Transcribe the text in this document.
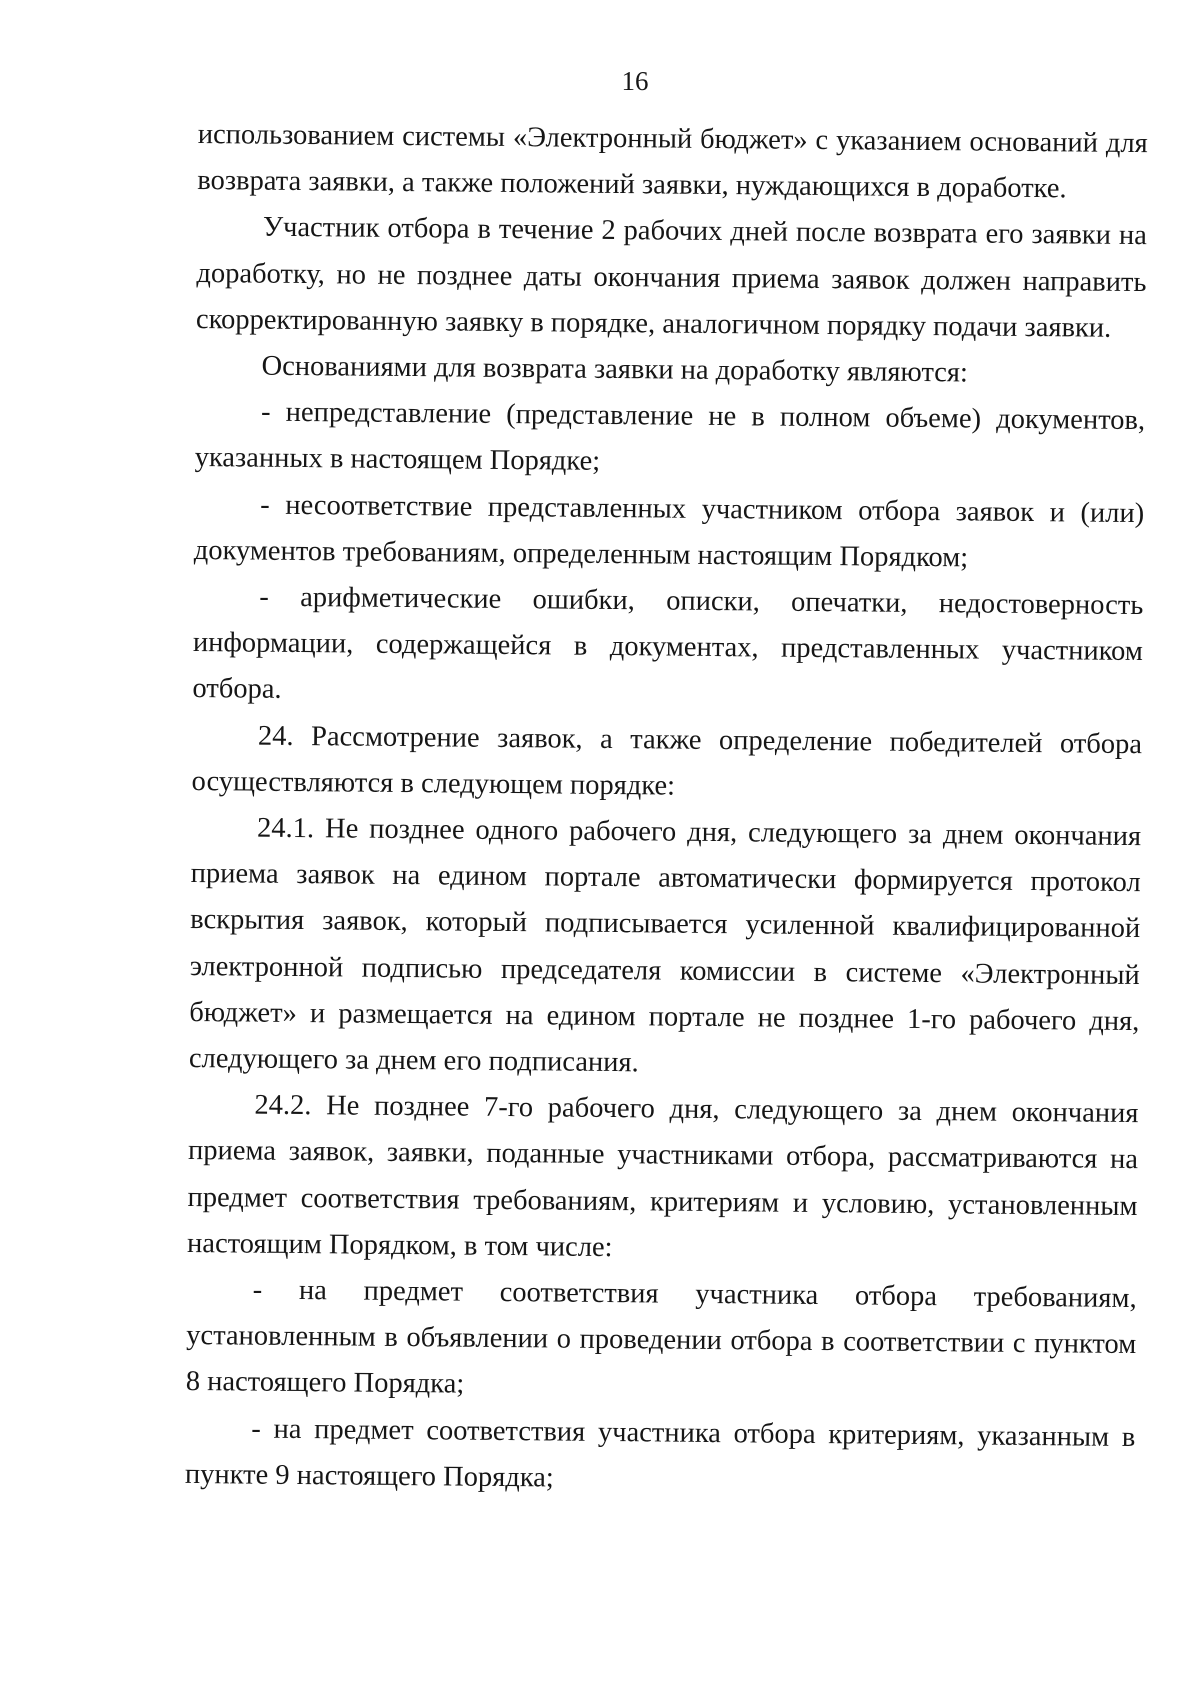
16

использованием системы «Электронный бюджет» с указанием оснований для возврата заявки, а также положений заявки, нуждающихся в доработке.

Участник отбора в течение 2 рабочих дней после возврата его заявки на доработку, но не позднее даты окончания приема заявок должен направить скорректированную заявку в порядке, аналогичном порядку подачи заявки.

Основаниями для возврата заявки на доработку являются:

- непредставление (представление не в полном объеме) документов, указанных в настоящем Порядке;

- несоответствие представленных участником отбора заявок и (или) документов требованиям, определенным настоящим Порядком;

- арифметические ошибки, описки, опечатки, недостоверность информации, содержащейся в документах, представленных участником отбора.

24. Рассмотрение заявок, а также определение победителей отбора осуществляются в следующем порядке:

24.1. Не позднее одного рабочего дня, следующего за днем окончания приема заявок на едином портале автоматически формируется протокол вскрытия заявок, который подписывается усиленной квалифицированной электронной подписью председателя комиссии в системе «Электронный бюджет» и размещается на едином портале не позднее 1-го рабочего дня, следующего за днем его подписания.

24.2. Не позднее 7-го рабочего дня, следующего за днем окончания приема заявок, заявки, поданные участниками отбора, рассматриваются на предмет соответствия требованиям, критериям и условию, установленным настоящим Порядком, в том числе:

- на предмет соответствия участника отбора требованиям, установленным в объявлении о проведении отбора в соответствии с пунктом 8 настоящего Порядка;

- на предмет соответствия участника отбора критериям, указанным в пункте 9 настоящего Порядка;
